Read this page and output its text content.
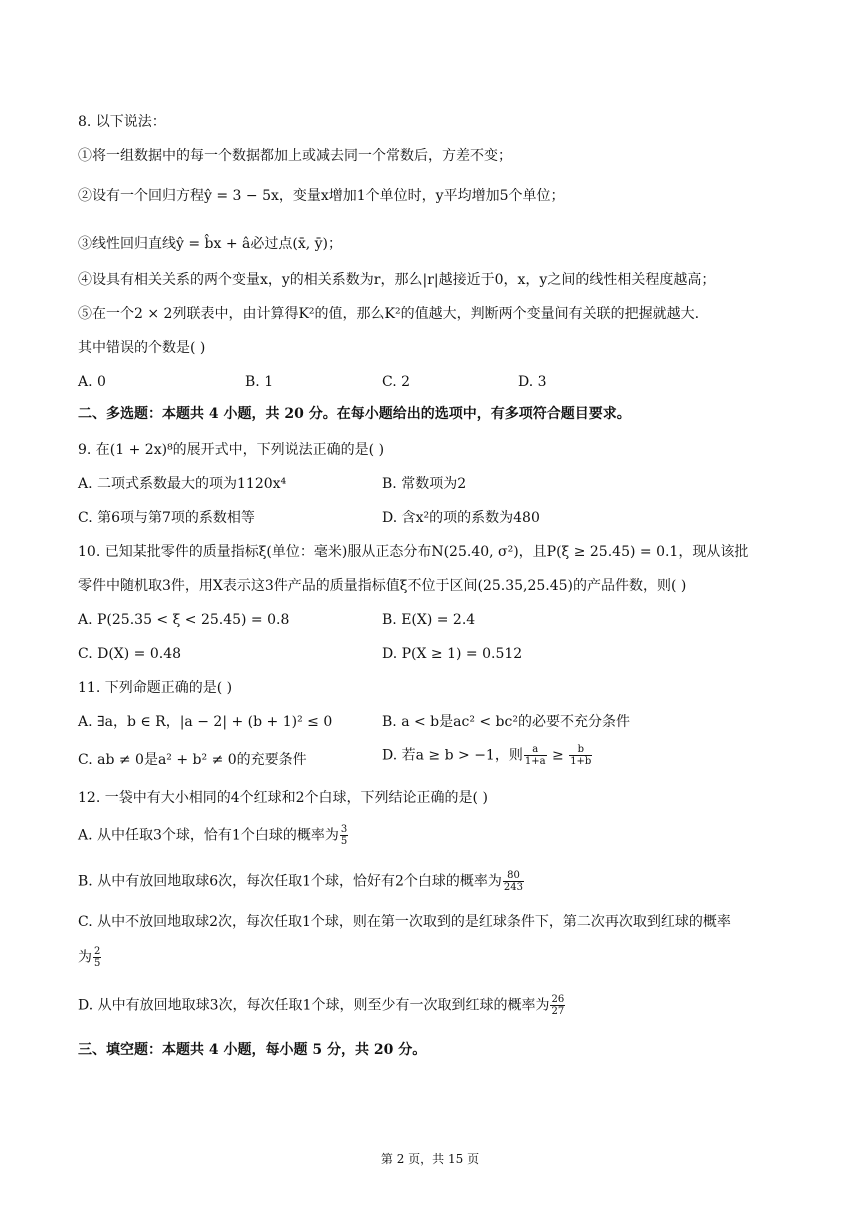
8. 以下说法：
①将一组数据中的每一个数据都加上或减去同一个常数后，方差不变；
②设有一个回归方程ŷ = 3 − 5x，变量x增加1个单位时，y平均增加5个单位；
③线性回归直线ŷ = b̂x + â必过点(x̄, ȳ)；
④设具有相关关系的两个变量x，y的相关系数为r，那么|r|越接近于0，x，y之间的线性相关程度越高；
⑤在一个2 × 2列联表中，由计算得K²的值，那么K²的值越大，判断两个变量间有关联的把握就越大.
其中错误的个数是( )
A. 0	B. 1	C. 2	D. 3
二、多选题：本题共 4 小题，共 20 分。在每小题给出的选项中，有多项符合题目要求。
9. 在(1 + 2x)⁸的展开式中，下列说法正确的是( )
A. 二项式系数最大的项为1120x⁴	B. 常数项为2
C. 第6项与第7项的系数相等	D. 含x²的项的系数为480
10. 已知某批零件的质量指标ξ(单位：毫米)服从正态分布N(25.40, σ²)，且P(ξ ≥ 25.45) = 0.1，现从该批
零件中随机取3件，用X表示这3件产品的质量指标值ξ不位于区间(25.35,25.45)的产品件数，则( )
A. P(25.35 < ξ < 25.45) = 0.8	B. E(X) = 2.4
C. D(X) = 0.48	D. P(X ≥ 1) = 0.512
11. 下列命题正确的是( )
A. ∃a，b ∈ R，|a − 2| + (b + 1)² ≤ 0	B. a < b是ac² < bc²的必要不充分条件
C. ab ≠ 0是a² + b² ≠ 0的充要条件	D. 若a ≥ b > −1，则 $\frac{a}{1+a} \ge \frac{b}{1+b}$
12. 一袋中有大小相同的4个红球和2个白球，下列结论正确的是( )
A. 从中任取3个球，恰有1个白球的概率为 $\frac{3}{5}$
B. 从中有放回地取球6次，每次任取1个球，恰好有2个白球的概率为 $\frac{80}{243}$
C. 从中不放回地取球2次，每次任取1个球，则在第一次取到的是红球条件下，第二次再次取到红球的概率
为 $\frac{2}{5}$
D. 从中有放回地取球3次，每次任取1个球，则至少有一次取到红球的概率为 $\frac{26}{27}$
三、填空题：本题共 4 小题，每小题 5 分，共 20 分。
第 2 页，共 15 页
